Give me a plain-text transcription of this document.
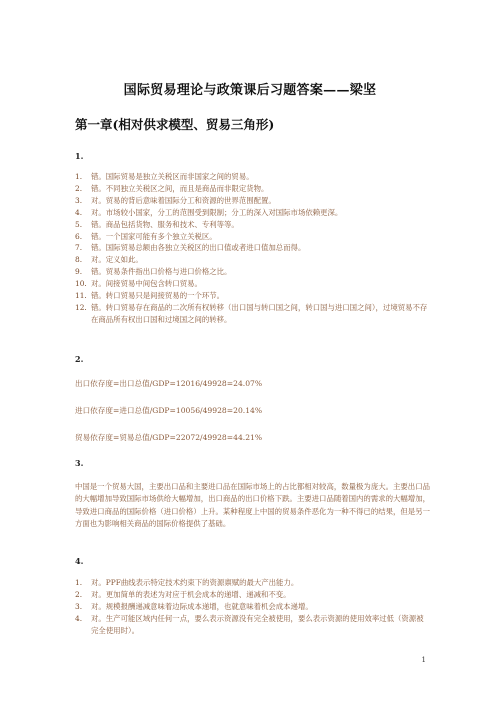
国际贸易理论与政策课后习题答案——梁坚
第一章(相对供求模型、贸易三角形)
1.
1.	错。国际贸易是独立关税区而非国家之间的贸易。
2.	错。不同独立关税区之间，而且是商品而非限定货物。
3.	对。贸易的背后意味着国际分工和资源的世界范围配置。
4.	对。市场较小国家，分工的范围受到限制；分工的深入对国际市场依赖更深。
5.	错。商品包括货物、服务和技术、专利等等。
6.	错。一个国家可能有多个独立关税区。
7.	错。国际贸易总额由各独立关税区的出口值或者进口值加总而得。
8.	对。定义如此。
9.	错。贸易条件指出口价格与进口价格之比。
10. 对。间接贸易中间包含转口贸易。
11. 错。转口贸易只是间接贸易的一个环节。
12. 错。转口贸易存在商品的二次所有权转移（出口国与转口国之间，转口国与进口国之间），过境贸易不存在商品所有权出口国和过境国之间的转移。
2.
出口依存度=出口总值/GDP=12016/49928=24.07%
进口依存度=进口总值/GDP=10056/49928=20.14%
贸易依存度=贸易总值/GDP=22072/49928=44.21%
3.
中国是一个贸易大国，主要出口品和主要进口品在国际市场上的占比都相对较高，数量极为庞大。主要出口品的大幅增加导致国际市场供给大幅增加，出口商品的出口价格下跌。主要进口品随着国内的需求的大幅增加，导致进口商品的国际价格（进口价格）上升。某种程度上中国的贸易条件恶化为一种不得已的结果，但是另一方面也为影响相关商品的国际价格提供了基础。
4.
1.	对。PPF曲线表示特定技术约束下的资源禀赋的最大产出能力。
2.	对。更加简单的表述为对应于机会成本的递增、递减和不变。
3.	对。规模报酬递减意味着边际成本递增，也就意味着机会成本递增。
4.	对。生产可能区域内任何一点，要么表示资源没有完全被使用，要么表示资源的使用效率过低（资源被完全使用时）。
1
